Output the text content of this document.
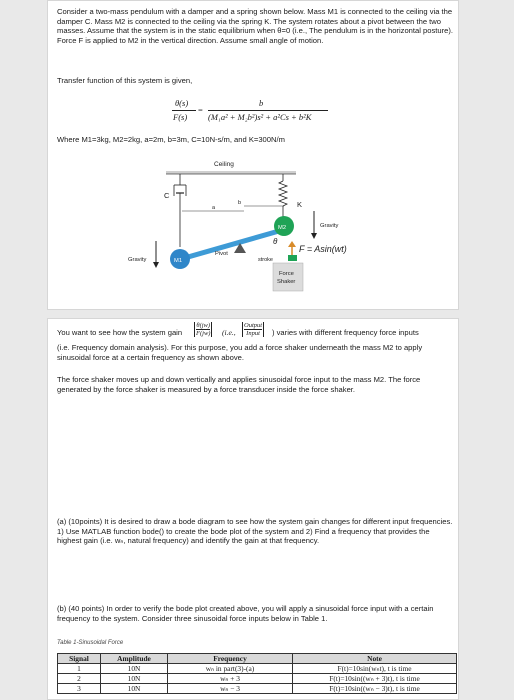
Consider a two-mass pendulum with a damper and a spring shown below. Mass M1 is connected to the ceiling via the damper C. Mass M2 is connected to the ceiling via the spring K. The system rotates about a pivot between the two masses. Assume that the system is in the static equilibrium when θ=0 (i.e., The pendulum is in the horizontal posture). Force F is applied to M2 in the vertical direction. Assume small angle of motion.

Transfer function of this system is given,

θ(s)
F(s)
=
b
(M₁a² + M₂b²)s² + a²Cs + b²K

Where M1=3kg, M2=2kg, a=2m, b=3m, C=10N-s/m, and K=300N/m

Ceiling
C
a
b	K
Pivot
M1
M2
θ
Gravity
Gravity
F = Asin(wt)
stroke
Force
Shaker
You want to see how the system gain $\frac{\theta(jw)}{F(jw)} (i.e$.,
Output
Input ) varies with different frequency force inputs

(i.e. Frequency domain analysis). For this purpose, you add a force shaker underneath the mass M2 to apply sinusoidal force at a certain frequency as shown above.

The force shaker moves up and down vertically and applies sinusoidal force input to the mass M2. The force generated by the force shaker is measured by a force transducer inside the force shaker.

(a) (10points) It is desired to draw a bode diagram to see how the system gain changes for different input frequencies. 1) Use MATLAB function bode() to create the bode plot of the system and 2) Find a frequency that provides the highest gain (i.e. wₙ, natural frequency) and identify the gain at that frequency.

(b) (40 points) In order to verify the bode plot created above, you will apply a sinusoidal force input with a certain frequency to the system. Consider three sinusoidal force inputs below in Table 1.

Table 1-Sinusoidal Force
Signal	Amplitude	Frequency	Note
1	10N	wₙ in part(3)-(a)	F(t)=10sin(wₙt), t is time
2	10N	wₙ + 3	F(t)=10sin((wₙ + 3)t), t is time
3	10N	wₙ − 3	F(t)=10sin((wₙ − 3)t), t is time
